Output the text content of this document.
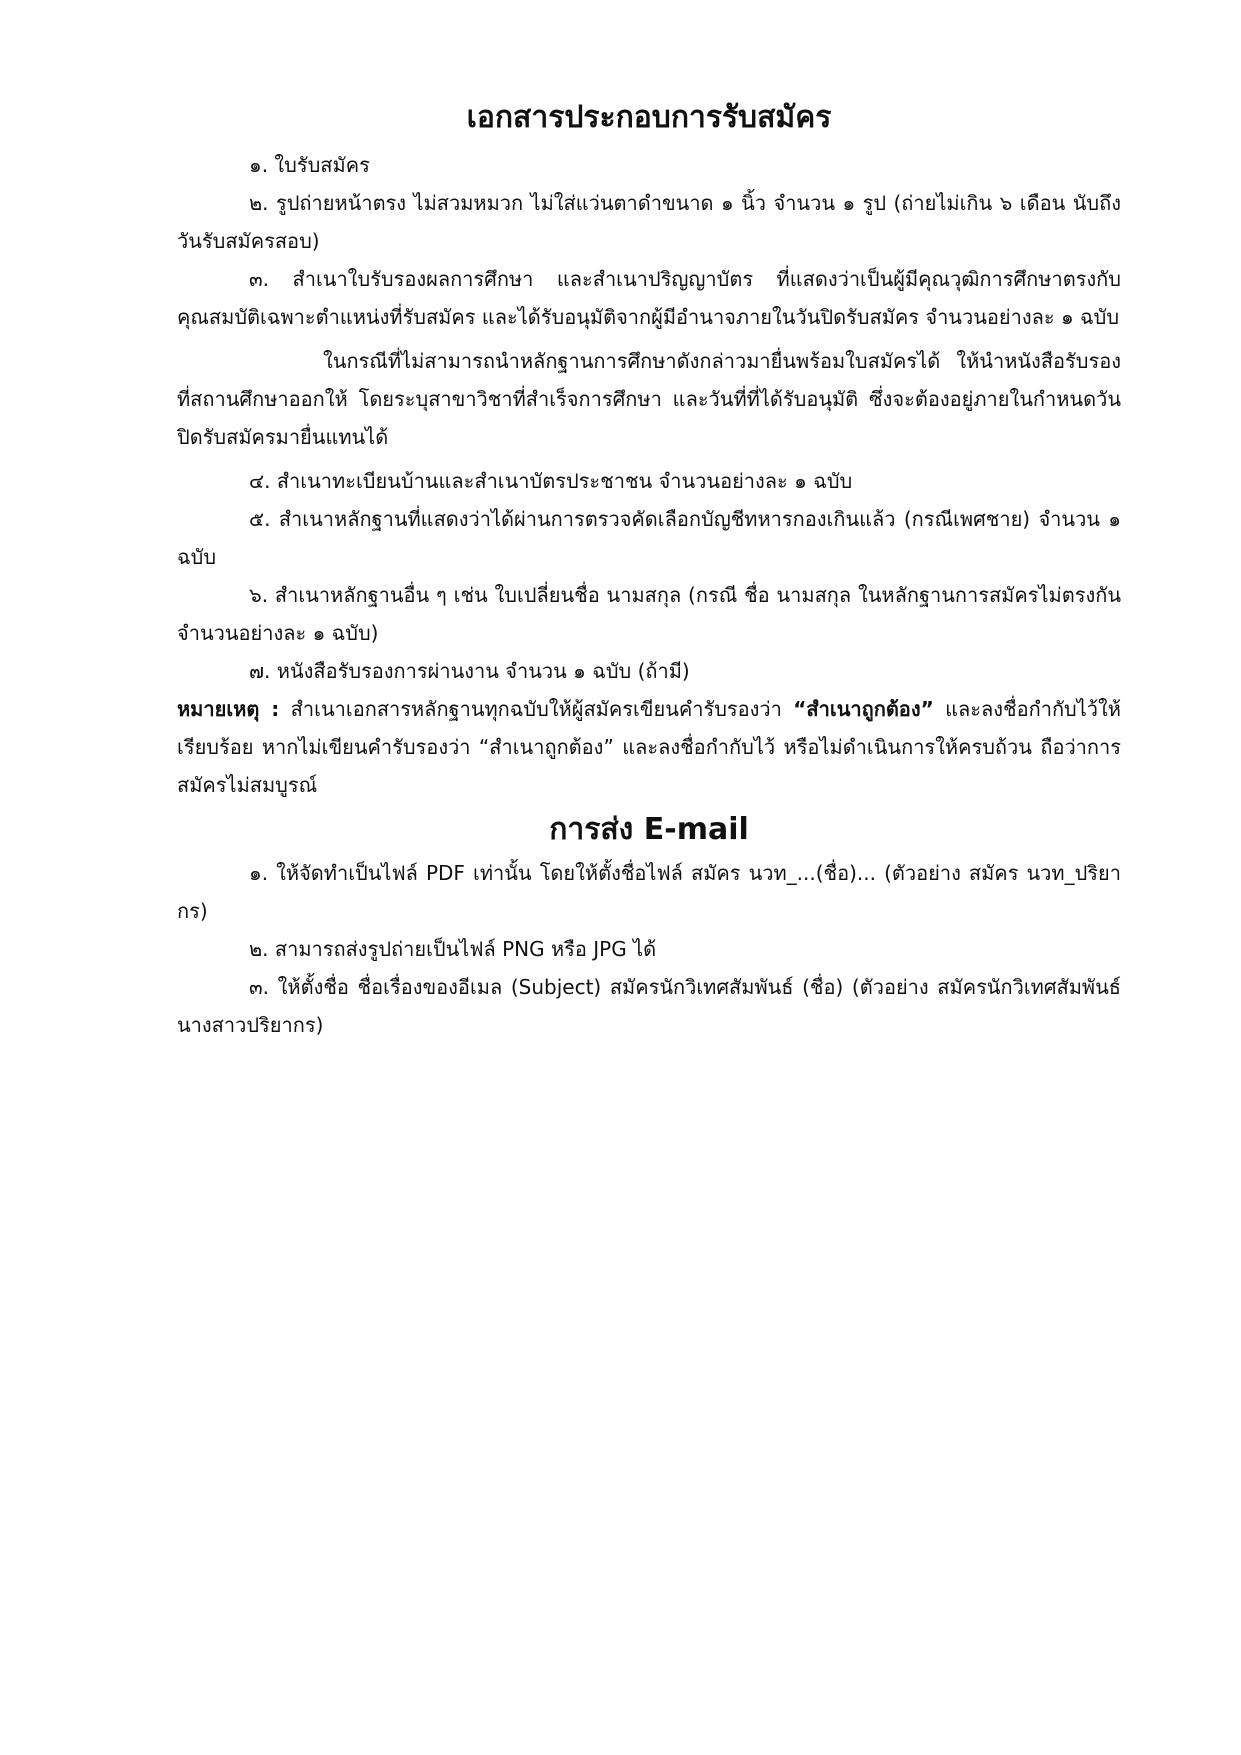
เอกสารประกอบการรับสมัคร

๑. ใบรับสมัคร

๒. รูปถ่ายหน้าตรง ไม่สวมหมวก ไม่ใส่แว่นตาดำขนาด ๑ นิ้ว จำนวน ๑ รูป (ถ่ายไม่เกิน ๖ เดือน นับถึงวันรับสมัครสอบ)

๓. สำเนาใบรับรองผลการศึกษา และสำเนาปริญญาบัตร ที่แสดงว่าเป็นผู้มีคุณวุฒิการศึกษาตรงกับคุณสมบัติเฉพาะตำแหน่งที่รับสมัคร และได้รับอนุมัติจากผู้มีอำนาจภายในวันปิดรับสมัคร จำนวนอย่างละ ๑ ฉบับ

ในกรณีที่ไม่สามารถนำหลักฐานการศึกษาดังกล่าวมายื่นพร้อมใบสมัครได้ ให้นำหนังสือรับรองที่สถานศึกษาออกให้ โดยระบุสาขาวิชาที่สำเร็จการศึกษา และวันที่ที่ได้รับอนุมัติ ซึ่งจะต้องอยู่ภายในกำหนดวันปิดรับสมัครมายื่นแทนได้

๔. สำเนาทะเบียนบ้านและสำเนาบัตรประชาชน จำนวนอย่างละ ๑ ฉบับ

๕. สำเนาหลักฐานที่แสดงว่าได้ผ่านการตรวจคัดเลือกบัญชีทหารกองเกินแล้ว (กรณีเพศชาย) จำนวน ๑ ฉบับ

๖. สำเนาหลักฐานอื่น ๆ เช่น ใบเปลี่ยนชื่อ นามสกุล (กรณี ชื่อ นามสกุล ในหลักฐานการสมัครไม่ตรงกัน จำนวนอย่างละ ๑ ฉบับ)

๗. หนังสือรับรองการผ่านงาน จำนวน ๑ ฉบับ (ถ้ามี)

หมายเหตุ : สำเนาเอกสารหลักฐานทุกฉบับให้ผู้สมัครเขียนคำรับรองว่า “สำเนาถูกต้อง” และลงชื่อกำกับไว้ให้เรียบร้อย หากไม่เขียนคำรับรองว่า “สำเนาถูกต้อง” และลงชื่อกำกับไว้ หรือไม่ดำเนินการให้ครบถ้วน ถือว่าการสมัครไม่สมบูรณ์

การส่ง E-mail

๑. ให้จัดทำเป็นไฟล์ PDF เท่านั้น โดยให้ตั้งชื่อไฟล์ สมัคร นวท_...(ชื่อ)... (ตัวอย่าง สมัคร นวท_ปริยากร)

๒. สามารถส่งรูปถ่ายเป็นไฟล์ PNG หรือ JPG ได้

๓. ให้ตั้งชื่อ ชื่อเรื่องของอีเมล (Subject) สมัครนักวิเทศสัมพันธ์ (ชื่อ) (ตัวอย่าง สมัครนักวิเทศสัมพันธ์ นางสาวปริยากร)
